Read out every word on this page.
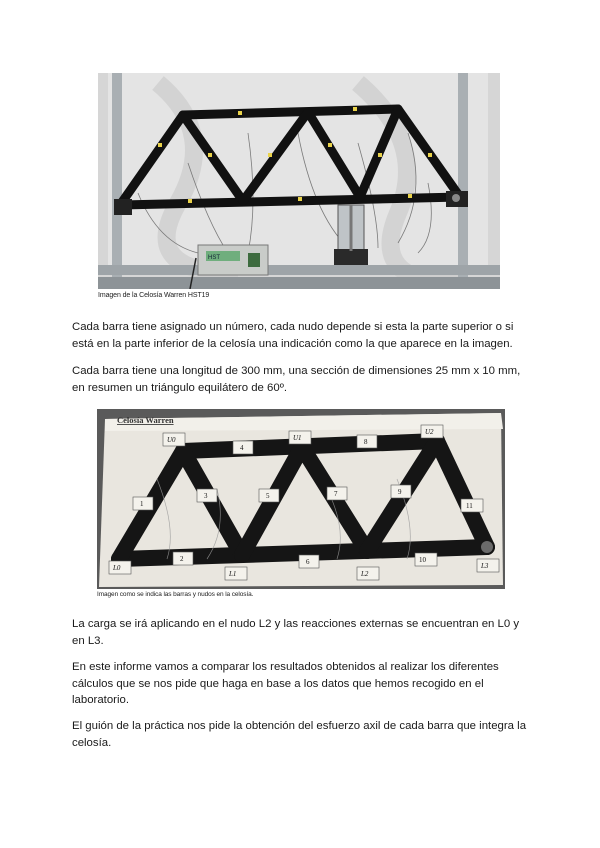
HST
Imagen de la Celosía Warren HST19
Cada barra tiene asignado un número, cada nudo depende si esta la parte superior o si está en la parte inferior de la celosía una indicación como la que aparece en la imagen.
Cada barra tiene una longitud de 300 mm, una sección de dimensiones 25 mm x 10 mm, en resumen un triángulo equilátero de 60º.
Celosía Warren
U0	U1
U2
L0
L1	L2
L3
1
2
3
4
5
6
7
8
9
10
11
Imagen como se indica las barras y nudos en la celosía.
La carga se irá aplicando en el nudo L2 y las reacciones externas se encuentran en L0 y en L3.
En este informe vamos a comparar los resultados obtenidos al realizar los diferentes cálculos que se nos pide que haga en base a los datos que hemos recogido en el laboratorio.
El guión de la práctica nos pide la obtención del esfuerzo axil de cada barra que integra la celosía.
